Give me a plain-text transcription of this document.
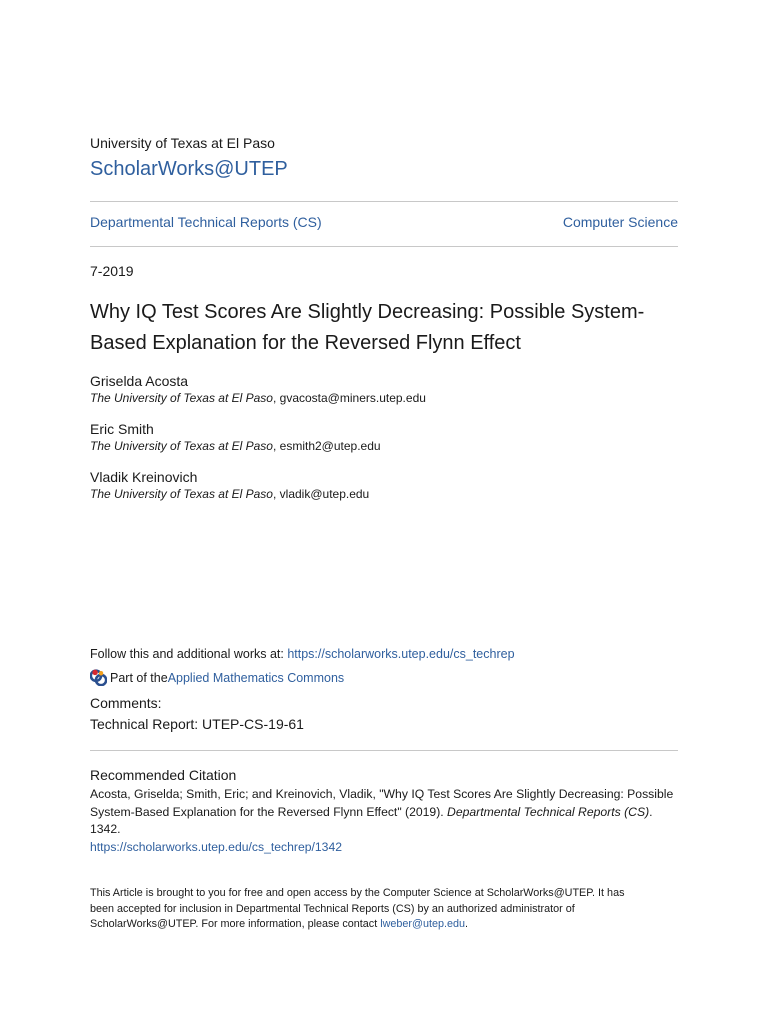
University of Texas at El Paso
ScholarWorks@UTEP
Departmental Technical Reports (CS)	Computer Science
7-2019
Why IQ Test Scores Are Slightly Decreasing: Possible System-
Based Explanation for the Reversed Flynn Effect
Griselda Acosta
The University of Texas at El Paso, gvacosta@miners.utep.edu
Eric Smith
The University of Texas at El Paso, esmith2@utep.edu
Vladik Kreinovich
The University of Texas at El Paso, vladik@utep.edu
Follow this and additional works at: https://scholarworks.utep.edu/cs_techrep
Part of the Applied Mathematics Commons
Comments:
Technical Report: UTEP-CS-19-61
Recommended Citation
Acosta, Griselda; Smith, Eric; and Kreinovich, Vladik, "Why IQ Test Scores Are Slightly Decreasing: Possible
System-Based Explanation for the Reversed Flynn Effect" (2019). Departmental Technical Reports (CS).
1342.
https://scholarworks.utep.edu/cs_techrep/1342
This Article is brought to you for free and open access by the Computer Science at ScholarWorks@UTEP. It has
been accepted for inclusion in Departmental Technical Reports (CS) by an authorized administrator of
ScholarWorks@UTEP. For more information, please contact lweber@utep.edu.
